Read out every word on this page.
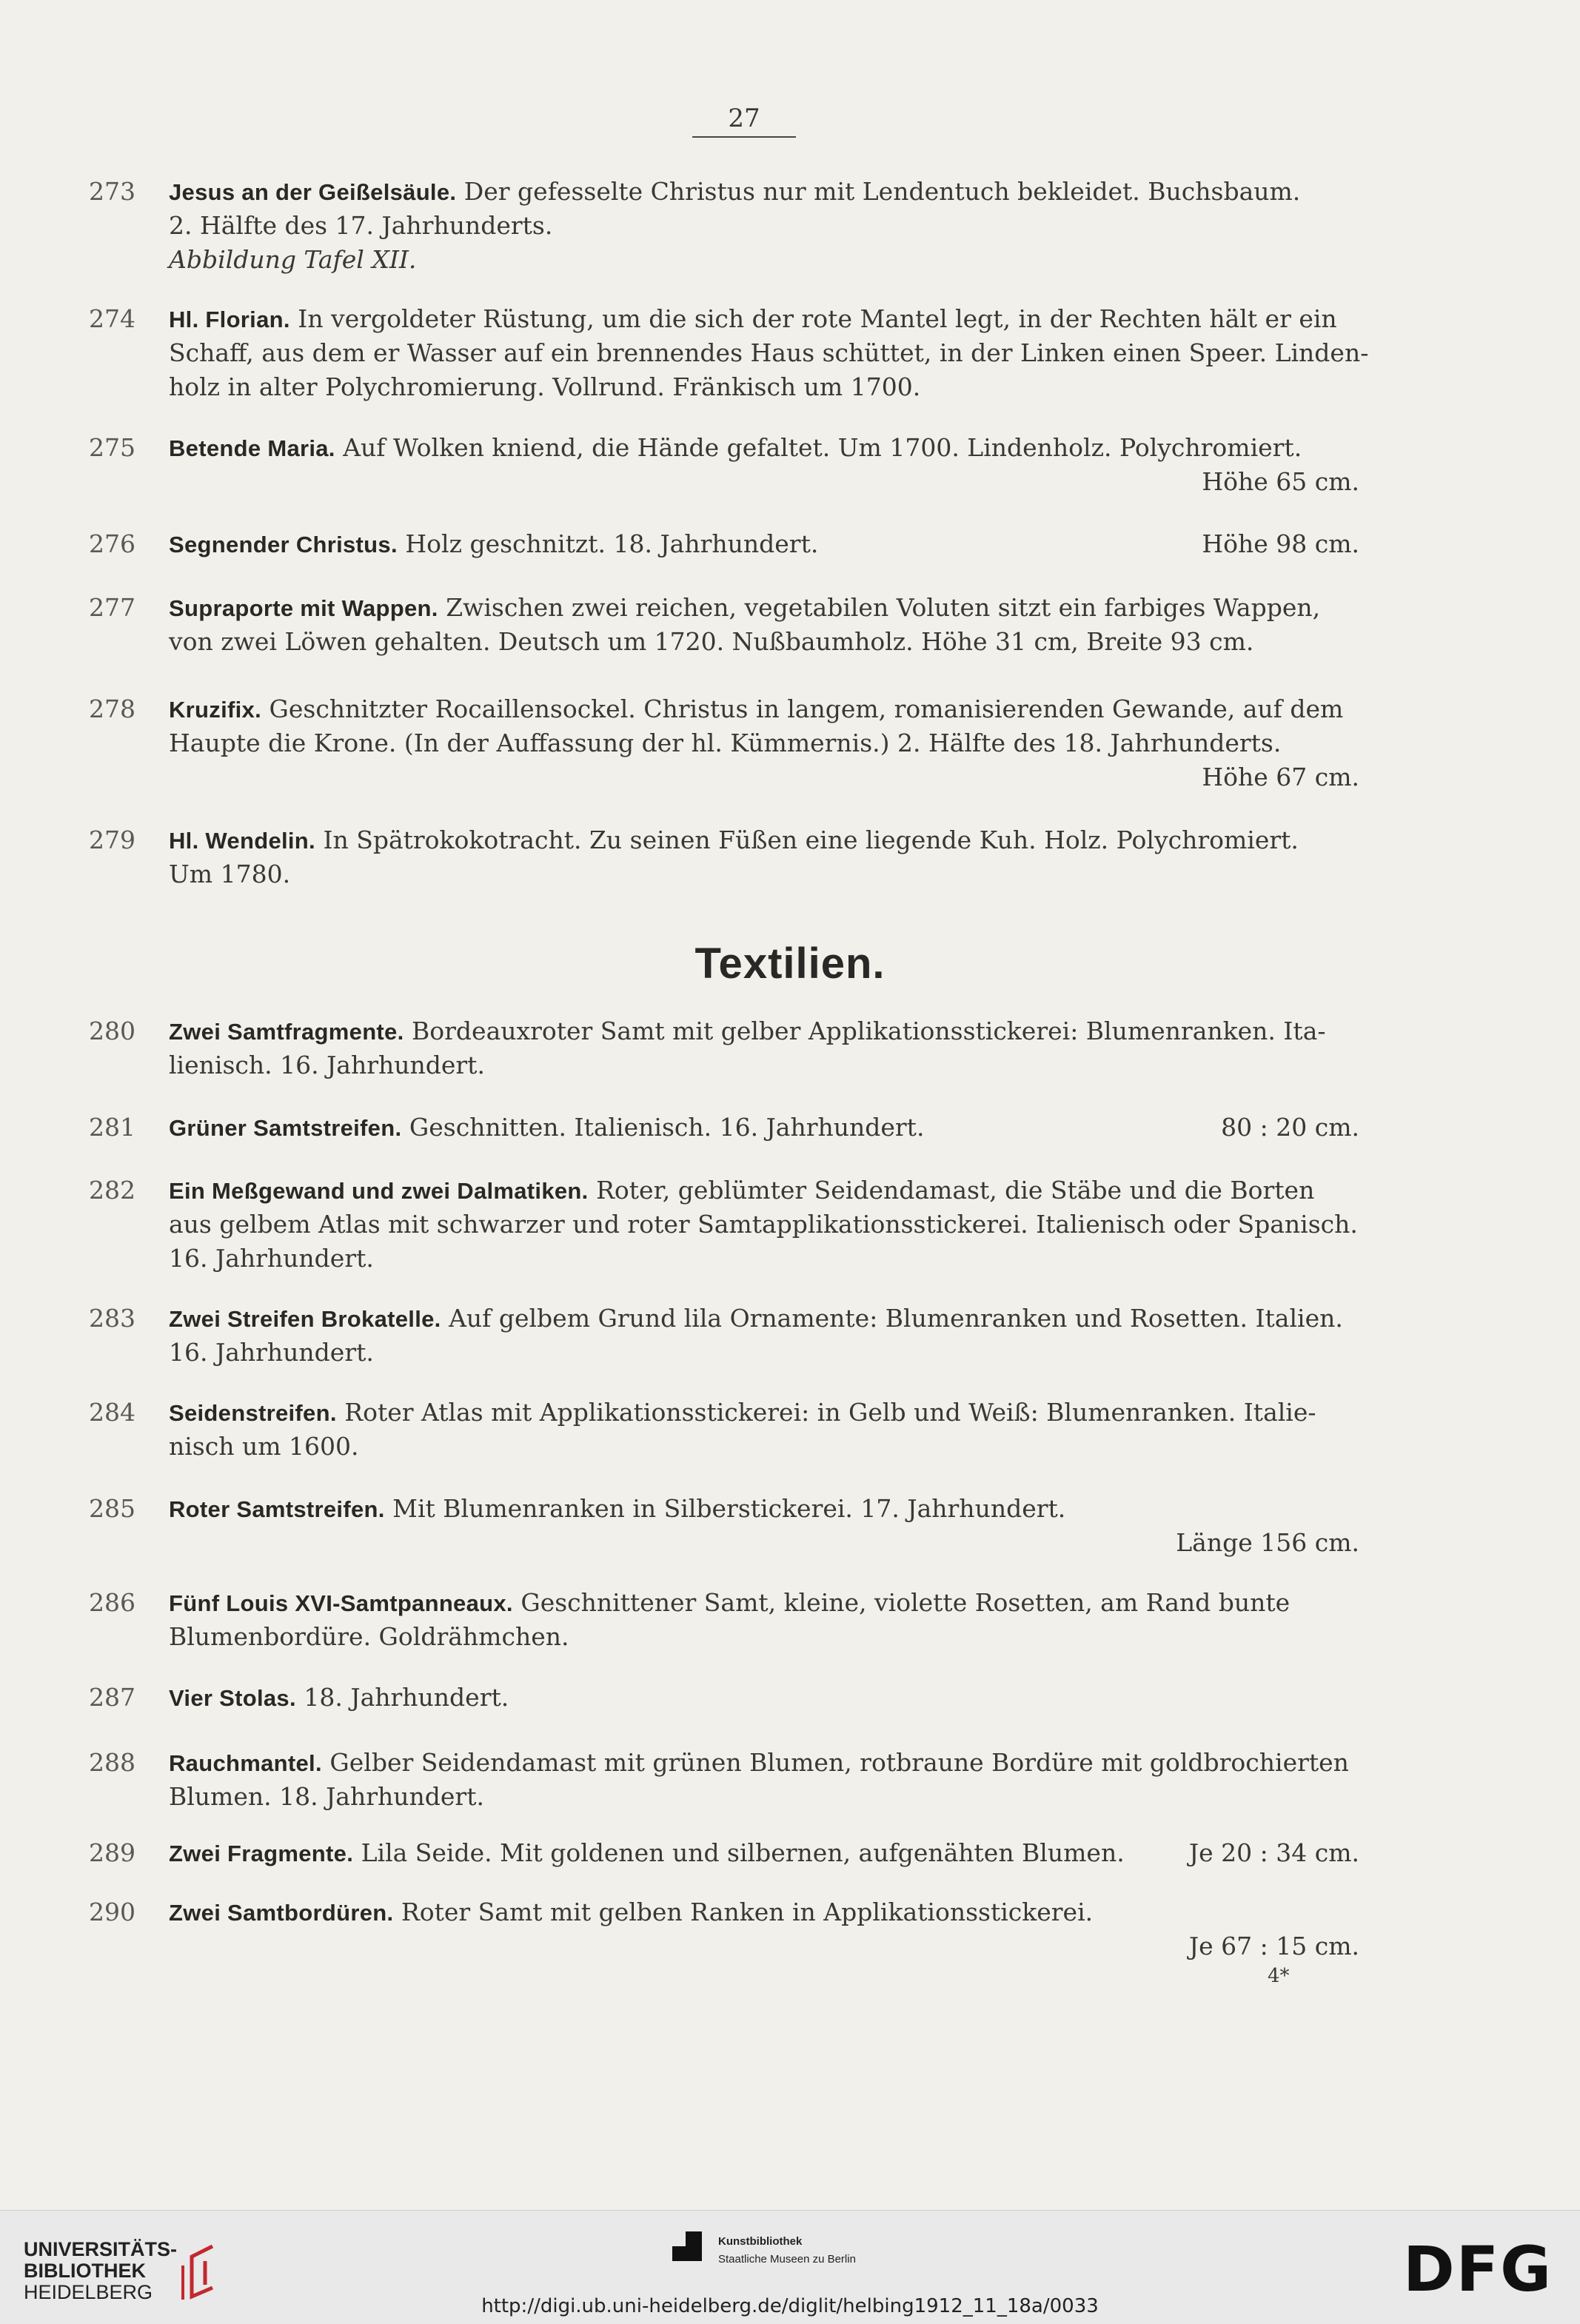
27
273	Jesus an der Geißelsäule. Der gefesselte Christus nur mit Lendentuch bekleidet. Buchsbaum.
2. Hälfte des 17. Jahrhunderts.
Abbildung Tafel XII.
274	Hl. Florian. In vergoldeter Rüstung, um die sich der rote Mantel legt, in der Rechten hält er ein
Schaff, aus dem er Wasser auf ein brennendes Haus schüttet, in der Linken einen Speer. Linden-
holz in alter Polychromierung. Vollrund. Fränkisch um 1700.
275	Betende Maria. Auf Wolken kniend, die Hände gefaltet. Um 1700. Lindenholz. Polychromiert.
Höhe 65 cm.
276	Segnender Christus. Holz geschnitzt. 18. Jahrhundert.	Höhe 98 cm.
277	Supraporte mit Wappen. Zwischen zwei reichen, vegetabilen Voluten sitzt ein farbiges Wappen,
von zwei Löwen gehalten. Deutsch um 1720. Nußbaumholz. Höhe 31 cm, Breite 93 cm.
278	Kruzifix. Geschnitzter Rocaillensockel. Christus in langem, romanisierenden Gewande, auf dem
Haupte die Krone. (In der Auffassung der hl. Kümmernis.) 2. Hälfte des 18. Jahrhunderts.
Höhe 67 cm.
279	Hl. Wendelin. In Spätrokokotracht. Zu seinen Füßen eine liegende Kuh. Holz. Polychromiert.
Um 1780.
Textilien.
280	Zwei Samtfragmente. Bordeauxroter Samt mit gelber Applikationsstickerei: Blumenranken. Ita-
lienisch. 16. Jahrhundert.
281	Grüner Samtstreifen. Geschnitten. Italienisch. 16. Jahrhundert.	80 : 20 cm.
282	Ein Meßgewand und zwei Dalmatiken. Roter, geblümter Seidendamast, die Stäbe und die Borten
aus gelbem Atlas mit schwarzer und roter Samtapplikationsstickerei. Italienisch oder Spanisch.
16. Jahrhundert.
283	Zwei Streifen Brokatelle. Auf gelbem Grund lila Ornamente: Blumenranken und Rosetten. Italien.
16. Jahrhundert.
284	Seidenstreifen. Roter Atlas mit Applikationsstickerei: in Gelb und Weiß: Blumenranken. Italie-
nisch um 1600.
285	Roter Samtstreifen. Mit Blumenranken in Silberstickerei. 17. Jahrhundert.
Länge 156 cm.
286	Fünf Louis XVI-Samtpanneaux. Geschnittener Samt, kleine, violette Rosetten, am Rand bunte
Blumenbordüre. Goldrähmchen.
287	Vier Stolas. 18. Jahrhundert.
288	Rauchmantel. Gelber Seidendamast mit grünen Blumen, rotbraune Bordüre mit goldbrochierten
Blumen. 18. Jahrhundert.
289	Zwei Fragmente. Lila Seide. Mit goldenen und silbernen, aufgenähten Blumen.	Je 20 : 34 cm.
290	Zwei Samtbordüren. Roter Samt mit gelben Ranken in Applikationsstickerei.
Je 67 : 15 cm.
4*
UNIVERSITÄTS-
BIBLIOTHEK
HEIDELBERG
Kunstbibliothek
Staatliche Museen zu Berlin	DFG
http://digi.ub.uni-heidelberg.de/diglit/helbing1912_11_18a/0033
